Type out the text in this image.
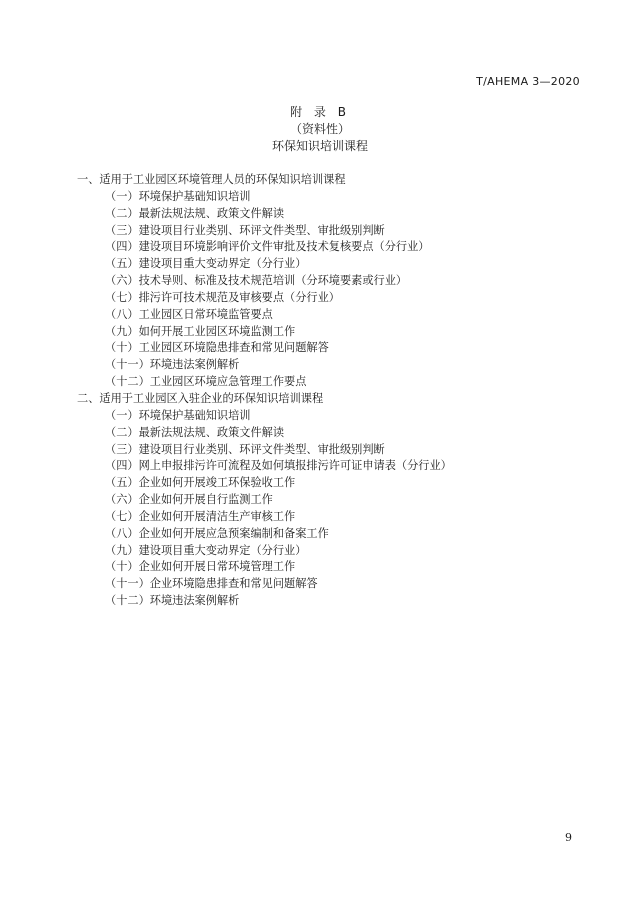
T/AHEMA 3—2020
附 录 B
（资料性）
环保知识培训课程
一、适用于工业园区环境管理人员的环保知识培训课程
（一）环境保护基础知识培训
（二）最新法规法规、政策文件解读
（三）建设项目行业类别、环评文件类型、审批级别判断
（四）建设项目环境影响评价文件审批及技术复核要点（分行业）
（五）建设项目重大变动界定（分行业）
（六）技术导则、标准及技术规范培训（分环境要素或行业）
（七）排污许可技术规范及审核要点（分行业）
（八）工业园区日常环境监管要点
（九）如何开展工业园区环境监测工作
（十）工业园区环境隐患排查和常见问题解答
（十一）环境违法案例解析
（十二）工业园区环境应急管理工作要点
二、适用于工业园区入驻企业的环保知识培训课程
（一）环境保护基础知识培训
（二）最新法规法规、政策文件解读
（三）建设项目行业类别、环评文件类型、审批级别判断
（四）网上申报排污许可流程及如何填报排污许可证申请表（分行业）
（五）企业如何开展竣工环保验收工作
（六）企业如何开展自行监测工作
（七）企业如何开展清洁生产审核工作
（八）企业如何开展应急预案编制和备案工作
（九）建设项目重大变动界定（分行业）
（十）企业如何开展日常环境管理工作
（十一）企业环境隐患排查和常见问题解答
（十二）环境违法案例解析
9
